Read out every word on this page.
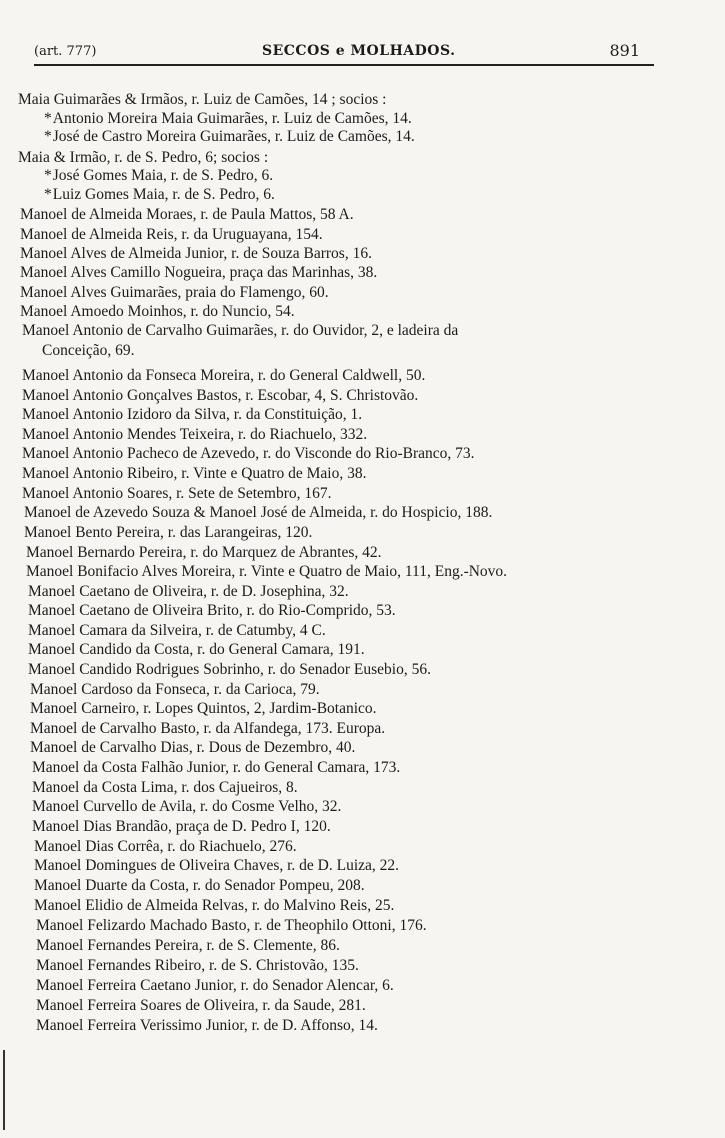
(art. 777)	SECCOS e MOLHADOS.	891
Maia Guimarães & Irmãos, r. Luiz de Camões, 14 ; socios :
* Antonio Moreira Maia Guimarães, r. Luiz de Camões, 14.
* José de Castro Moreira Guimarães, r. Luiz de Camões, 14.
Maia & Irmão, r. de S. Pedro, 6; socios :
* José Gomes Maia, r. de S. Pedro, 6.
* Luiz Gomes Maia, r. de S. Pedro, 6.
Manoel de Almeida Moraes, r. de Paula Mattos, 58 A.
Manoel de Almeida Reis, r. da Uruguayana, 154.
Manoel Alves de Almeida Junior, r. de Souza Barros, 16.
Manoel Alves Camillo Nogueira, praça das Marinhas, 38.
Manoel Alves Guimarães, praia do Flamengo, 60.
Manoel Amoedo Moinhos, r. do Nuncio, 54.
Manoel Antonio de Carvalho Guimarães, r. do Ouvidor, 2, e ladeira da
Conceição, 69.
Manoel Antonio da Fonseca Moreira, r. do General Caldwell, 50.
Manoel Antonio Gonçalves Bastos, r. Escobar, 4, S. Christovão.
Manoel Antonio Izidoro da Silva, r. da Constituição, 1.
Manoel Antonio Mendes Teixeira, r. do Riachuelo, 332.
Manoel Antonio Pacheco de Azevedo, r. do Visconde do Rio-Branco, 73.
Manoel Antonio Ribeiro, r. Vinte e Quatro de Maio, 38.
Manoel Antonio Soares, r. Sete de Setembro, 167.
Manoel de Azevedo Souza & Manoel José de Almeida, r. do Hospicio, 188.
Manoel Bento Pereira, r. das Larangeiras, 120.
Manoel Bernardo Pereira, r. do Marquez de Abrantes, 42.
Manoel Bonifacio Alves Moreira, r. Vinte e Quatro de Maio, 111, Eng.-Novo.
Manoel Caetano de Oliveira, r. de D. Josephina, 32.
Manoel Caetano de Oliveira Brito, r. do Rio-Comprido, 53.
Manoel Camara da Silveira, r. de Catumby, 4 C.
Manoel Candido da Costa, r. do General Camara, 191.
Manoel Candido Rodrigues Sobrinho, r. do Senador Eusebio, 56.
Manoel Cardoso da Fonseca, r. da Carioca, 79.
Manoel Carneiro, r. Lopes Quintos, 2, Jardim-Botanico.
Manoel de Carvalho Basto, r. da Alfandega, 173. Europa.
Manoel de Carvalho Dias, r. Dous de Dezembro, 40.
Manoel da Costa Falhão Junior, r. do General Camara, 173.
Manoel da Costa Lima, r. dos Cajueiros, 8.
Manoel Curvello de Avila, r. do Cosme Velho, 32.
Manoel Dias Brandão, praça de D. Pedro I, 120.
Manoel Dias Corrêa, r. do Riachuelo, 276.
Manoel Domingues de Oliveira Chaves, r. de D. Luiza, 22.
Manoel Duarte da Costa, r. do Senador Pompeu, 208.
Manoel Elidio de Almeida Relvas, r. do Malvino Reis, 25.
Manoel Felizardo Machado Basto, r. de Theophilo Ottoni, 176.
Manoel Fernandes Pereira, r. de S. Clemente, 86.
Manoel Fernandes Ribeiro, r. de S. Christovão, 135.
Manoel Ferreira Caetano Junior, r. do Senador Alencar, 6.
Manoel Ferreira Soares de Oliveira, r. da Saude, 281.
Manoel Ferreira Verissimo Junior, r. de D. Affonso, 14.
